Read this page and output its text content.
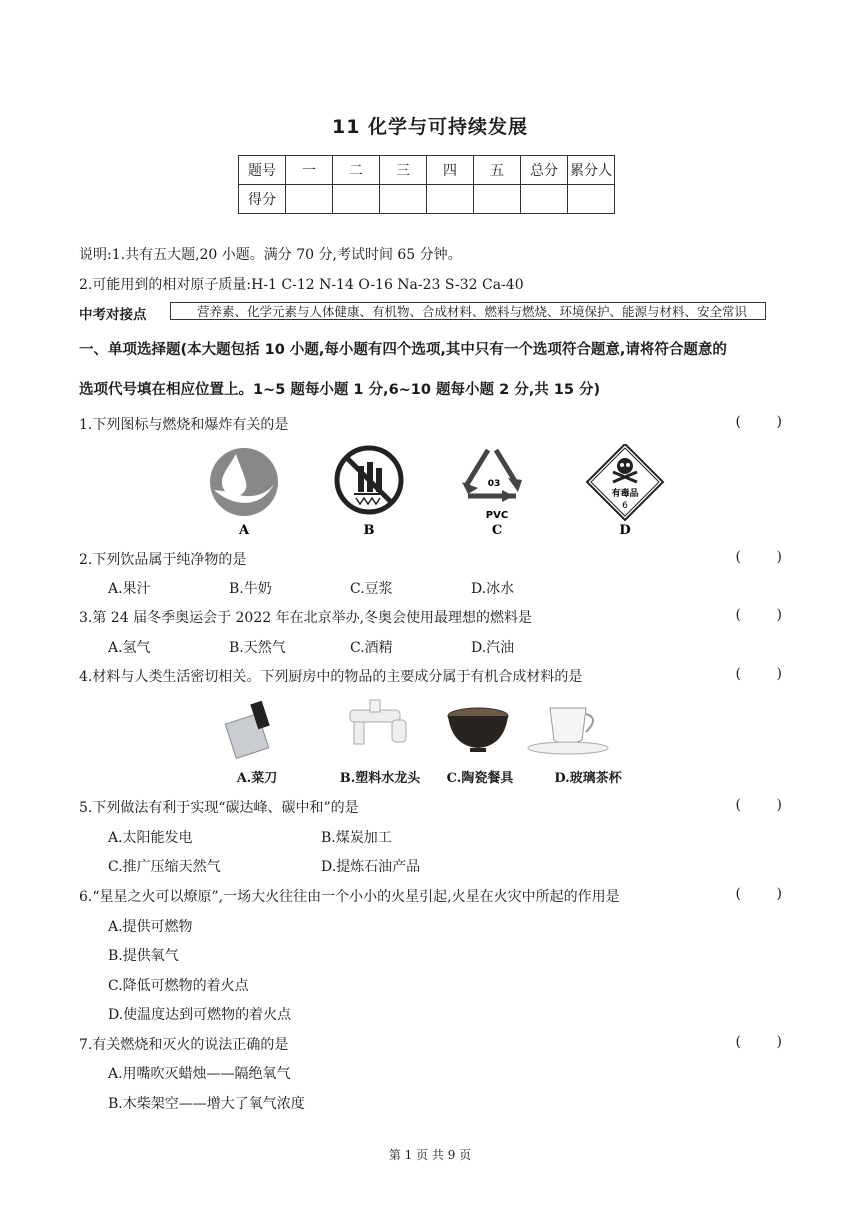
11 化学与可持续发展
题号	一	二	三	四	五	总分	累分人
得分							
说明:1.共有五大题,20 小题。满分 70 分,考试时间 65 分钟。
2.可能用到的相对原子质量:H-1 C-12 N-14 O-16 Na-23 S-32 Ca-40
中考对接点	营养素、化学元素与人体健康、有机物、合成材料、燃料与燃烧、环境保护、能源与材料、安全常识
一、单项选择题(本大题包括 10 小题,每小题有四个选项,其中只有一个选项符合题意,请将符合题意的
选项代号填在相应位置上。1~5 题每小题 1 分,6~10 题每小题 2 分,共 15 分)
1.下列图标与燃烧和爆炸有关的是	(        )
A	B
03
PVC
C
有毒品
6
D
2.下列饮品属于纯净物的是	(        )
A.果汁	B.牛奶	C.豆浆	D.冰水
3.第 24 届冬季奥运会于 2022 年在北京举办,冬奥会使用最理想的燃料是	(        )
A.氢气	B.天然气	C.酒精	D.汽油
4.材料与人类生活密切相关。下列厨房中的物品的主要成分属于有机合成材料的是	(        )
A.菜刀	B.塑料水龙头	C.陶瓷餐具	D.玻璃茶杯
5.下列做法有利于实现“碳达峰、碳中和”的是	(        )
A.太阳能发电	B.煤炭加工
C.推广压缩天然气	D.提炼石油产品
6.“星星之火可以燎原”,一场大火往往由一个小小的火星引起,火星在火灾中所起的作用是	(        )
A.提供可燃物
B.提供氧气
C.降低可燃物的着火点
D.使温度达到可燃物的着火点
7.有关燃烧和灭火的说法正确的是	(        )
A.用嘴吹灭蜡烛——隔绝氧气
B.木柴架空——增大了氧气浓度
第 1 页 共 9 页
